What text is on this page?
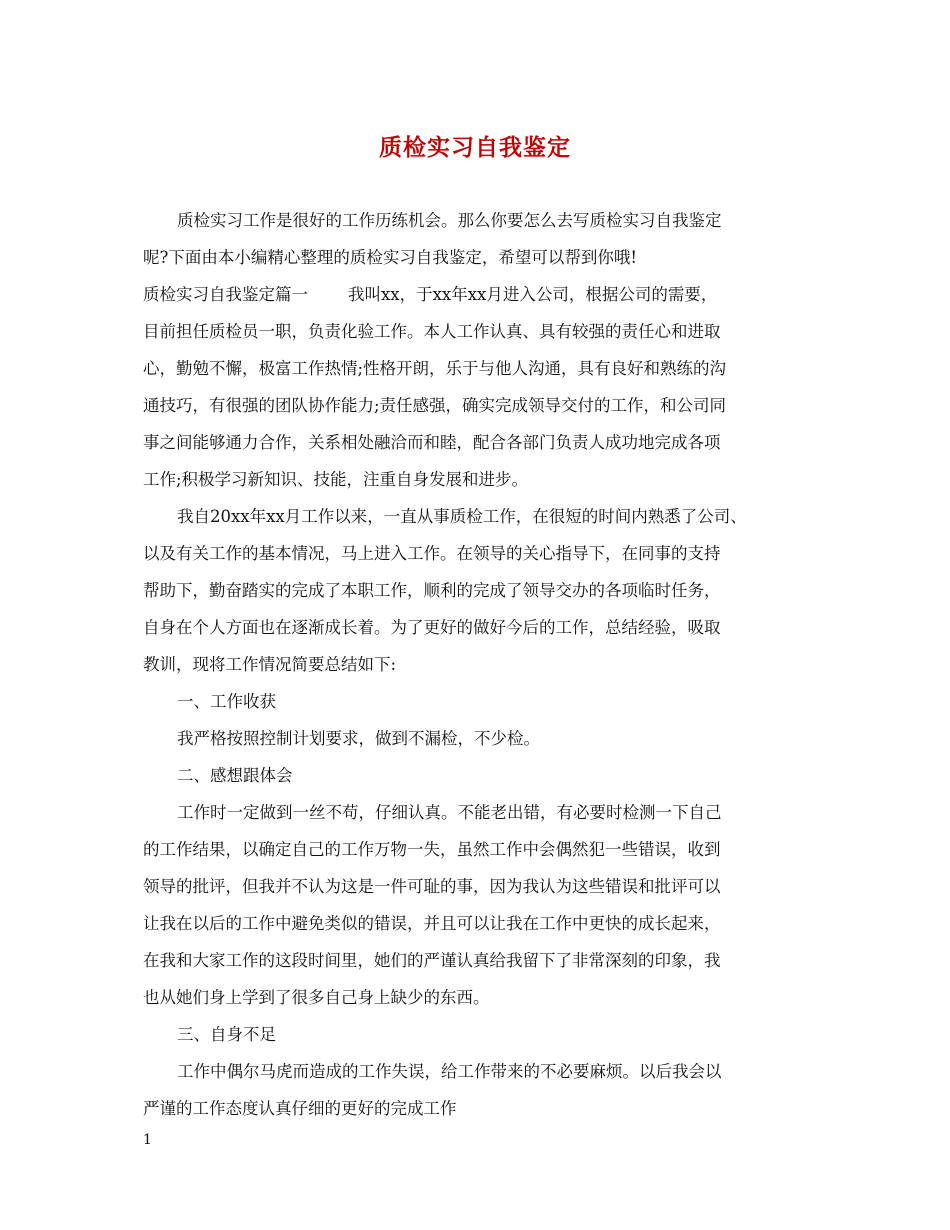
质检实习自我鉴定
质检实习工作是很好的工作历练机会。那么你要怎么去写质检实习自我鉴定
呢?下面由本小编精心整理的质检实习自我鉴定，希望可以帮到你哦!
质检实习自我鉴定篇一 我叫xx，于xx年xx月进入公司，根据公司的需要，
目前担任质检员一职，负责化验工作。本人工作认真、具有较强的责任心和进取
心，勤勉不懈，极富工作热情;性格开朗，乐于与他人沟通，具有良好和熟练的沟
通技巧，有很强的团队协作能力;责任感强，确实完成领导交付的工作，和公司同
事之间能够通力合作，关系相处融洽而和睦，配合各部门负责人成功地完成各项
工作;积极学习新知识、技能，注重自身发展和进步。
我自20xx年xx月工作以来，一直从事质检工作，在很短的时间内熟悉了公司、
以及有关工作的基本情况，马上进入工作。在领导的关心指导下，在同事的支持
帮助下，勤奋踏实的完成了本职工作，顺利的完成了领导交办的各项临时任务，
自身在个人方面也在逐渐成长着。为了更好的做好今后的工作，总结经验，吸取
教训，现将工作情况简要总结如下:
一、工作收获
我严格按照控制计划要求，做到不漏检，不少检。
二、感想跟体会
工作时一定做到一丝不苟，仔细认真。不能老出错，有必要时检测一下自己
的工作结果，以确定自己的工作万物一失，虽然工作中会偶然犯一些错误，收到
领导的批评，但我并不认为这是一件可耻的事，因为我认为这些错误和批评可以
让我在以后的工作中避免类似的错误，并且可以让我在工作中更快的成长起来，
在我和大家工作的这段时间里，她们的严谨认真给我留下了非常深刻的印象，我
也从她们身上学到了很多自己身上缺少的东西。
三、自身不足
工作中偶尔马虎而造成的工作失误，给工作带来的不必要麻烦。以后我会以
严谨的工作态度认真仔细的更好的完成工作
1
